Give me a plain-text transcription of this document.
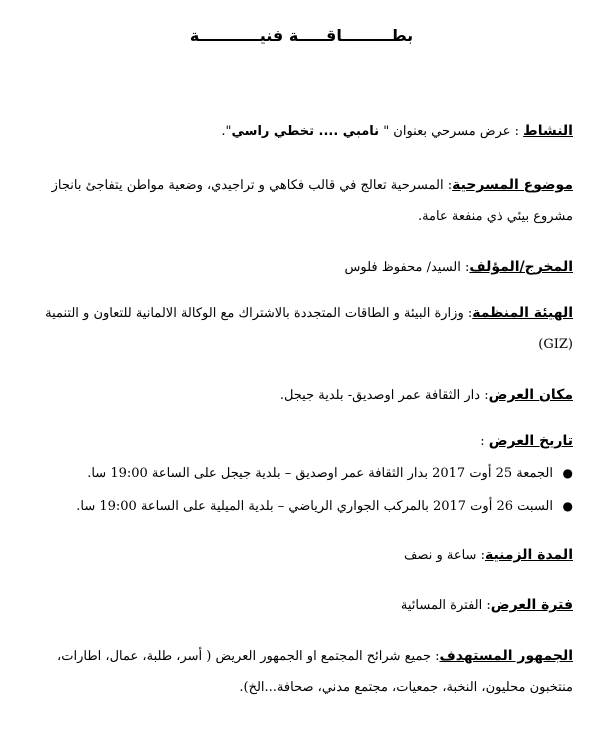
بطـــــــــاقـــــة فنيـــــــــــة
النشاط : عرض مسرحي بعنوان " نامبي .... تخطي راسي".
موضوع المسرحية: المسرحية تعالج في قالب فكاهي و تراجيدي، وضعية مواطن يتفاجئ بانجاز مشروع بيئي ذي منفعة عامة.
المخرج/المؤلف: السيد/ محفوظ فلوس
الهيئة المنظمة: وزارة البيئة و الطاقات المتجددة بالاشتراك مع الوكالة الالمانية للتعاون و التنمية (GIZ)
مكان العرض: دار الثقافة عمر اوصديق- بلدية جيجل.
تاريخ العرض :
●
الجمعة 25 أوت 2017 بدار الثقافة عمر اوصديق – بلدية جيجل على الساعة 19:00 سا.
●
السبت 26 أوت 2017 بالمركب الجواري الرياضي – بلدية الميلية على الساعة 19:00 سا.
المدة الزمنية: ساعة و نصف
فترة العرض: الفترة المسائية
الجمهور المستهدف: جميع شرائح المجتمع او الجمهور العريض ( أسر، طلبة، عمال، اطارات، منتخبون محليون، النخبة، جمعيات، مجتمع مدني، صحافة...الخ).
